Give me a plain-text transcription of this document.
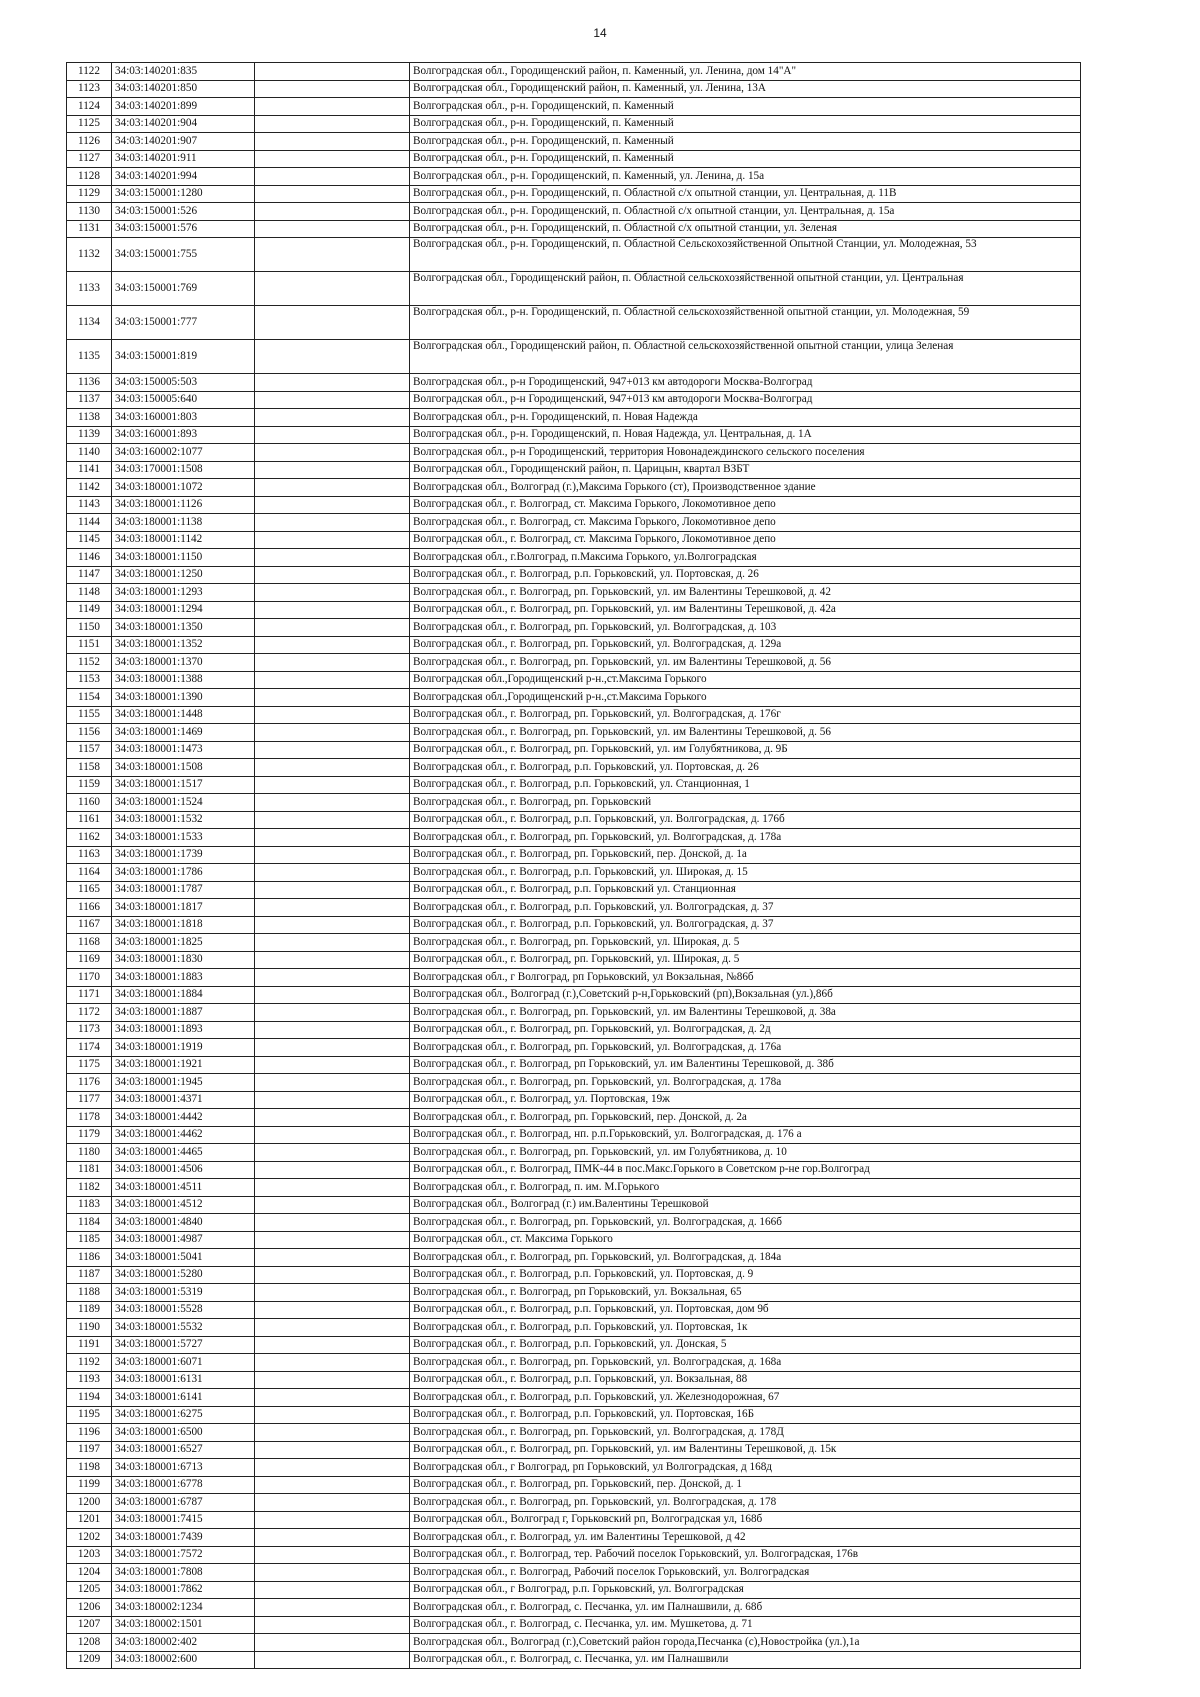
14
1122	34:03:140201:835		Волгоградская обл., Городищенский район, п. Каменный, ул. Ленина, дом 14"А"
1123	34:03:140201:850		Волгоградская обл., Городищенский район, п. Каменный, ул. Ленина, 13А
1124	34:03:140201:899		Волгоградская обл., р-н. Городищенский, п. Каменный
1125	34:03:140201:904		Волгоградская обл., р-н. Городищенский, п. Каменный
1126	34:03:140201:907		Волгоградская обл., р-н. Городищенский, п. Каменный
1127	34:03:140201:911		Волгоградская обл., р-н. Городищенский, п. Каменный
1128	34:03:140201:994		Волгоградская обл., р-н. Городищенский, п. Каменный, ул. Ленина, д. 15а
1129	34:03:150001:1280		Волгоградская обл., р-н. Городищенский, п. Областной с/х опытной станции, ул. Центральная, д. 11В
1130	34:03:150001:526		Волгоградская обл., р-н. Городищенский, п. Областной с/х опытной станции, ул. Центральная, д. 15а
1131	34:03:150001:576		Волгоградская обл., р-н. Городищенский, п. Областной с/х опытной станции, ул. Зеленая
1132	34:03:150001:755		Волгоградская обл., р-н. Городищенский, п. Областной Сельскохозяйственной Опытной Станции, ул. Молодежная, 53
1133	34:03:150001:769		Волгоградская обл., Городищенский район, п. Областной сельскохозяйственной опытной станции, ул. Центральная
1134	34:03:150001:777		Волгоградская обл., р-н. Городищенский, п. Областной сельскохозяйственной опытной станции, ул. Молодежная, 59
1135	34:03:150001:819		Волгоградская обл., Городищенский район, п. Областной сельскохозяйственной опытной станции, улица Зеленая
1136	34:03:150005:503		Волгоградская обл., р-н Городищенский, 947+013 км автодороги Москва-Волгоград
1137	34:03:150005:640		Волгоградская обл., р-н Городищенский, 947+013 км автодороги Москва-Волгоград
1138	34:03:160001:803		Волгоградская обл., р-н. Городищенский, п. Новая Надежда
1139	34:03:160001:893		Волгоградская обл., р-н. Городищенский, п. Новая Надежда, ул. Центральная, д. 1А
1140	34:03:160002:1077		Волгоградская обл., р-н Городищенский, территория Новонадеждинского сельского поселения
1141	34:03:170001:1508		Волгоградская обл., Городищенский район, п. Царицын, квартал ВЗБТ
1142	34:03:180001:1072		Волгоградская обл., Волгоград (г.),Максима Горького (ст), Производственное здание
1143	34:03:180001:1126		Волгоградская обл., г. Волгоград, ст. Максима Горького, Локомотивное депо
1144	34:03:180001:1138		Волгоградская обл., г. Волгоград, ст. Максима Горького, Локомотивное депо
1145	34:03:180001:1142		Волгоградская обл., г. Волгоград, ст. Максима Горького, Локомотивное депо
1146	34:03:180001:1150		Волгоградская обл., г.Волгоград, п.Максима Горького, ул.Волгоградская
1147	34:03:180001:1250		Волгоградская обл., г. Волгоград, р.п. Горьковский, ул. Портовская, д. 26
1148	34:03:180001:1293		Волгоградская обл., г. Волгоград, рп. Горьковский, ул. им Валентины Терешковой, д. 42
1149	34:03:180001:1294		Волгоградская обл., г. Волгоград, рп. Горьковский, ул. им Валентины Терешковой, д. 42а
1150	34:03:180001:1350		Волгоградская обл., г. Волгоград, рп. Горьковский, ул. Волгоградская, д. 103
1151	34:03:180001:1352		Волгоградская обл., г. Волгоград, рп. Горьковский, ул. Волгоградская, д. 129а
1152	34:03:180001:1370		Волгоградская обл., г. Волгоград, рп. Горьковский, ул. им Валентины Терешковой, д. 56
1153	34:03:180001:1388		Волгоградская обл.,Городищенский р-н.,ст.Максима Горького
1154	34:03:180001:1390		Волгоградская обл.,Городищенский р-н.,ст.Максима Горького
1155	34:03:180001:1448		Волгоградская обл., г. Волгоград, рп. Горьковский, ул. Волгоградская, д. 176г
1156	34:03:180001:1469		Волгоградская обл., г. Волгоград, рп. Горьковский, ул. им Валентины Терешковой, д. 56
1157	34:03:180001:1473		Волгоградская обл., г. Волгоград, рп. Горьковский, ул. им Голубятникова, д. 9Б
1158	34:03:180001:1508		Волгоградская обл., г. Волгоград, р.п. Горьковский, ул. Портовская, д. 26
1159	34:03:180001:1517		Волгоградская обл., г. Волгоград, р.п. Горьковский, ул. Станционная, 1
1160	34:03:180001:1524		Волгоградская обл., г. Волгоград, рп. Горьковский
1161	34:03:180001:1532		Волгоградская обл., г. Волгоград, р.п. Горьковский, ул. Волгоградская, д. 176б
1162	34:03:180001:1533		Волгоградская обл., г. Волгоград, рп. Горьковский, ул. Волгоградская, д. 178а
1163	34:03:180001:1739		Волгоградская обл., г. Волгоград, рп. Горьковский, пер. Донской, д. 1а
1164	34:03:180001:1786		Волгоградская обл., г. Волгоград, р.п. Горьковский, ул. Широкая, д. 15
1165	34:03:180001:1787		Волгоградская обл., г. Волгоград, р.п. Горьковский ул. Станционная
1166	34:03:180001:1817		Волгоградская обл., г. Волгоград, р.п. Горьковский, ул. Волгоградская, д. 37
1167	34:03:180001:1818		Волгоградская обл., г. Волгоград, р.п. Горьковский, ул. Волгоградская, д. 37
1168	34:03:180001:1825		Волгоградская обл., г. Волгоград, рп. Горьковский, ул. Широкая, д. 5
1169	34:03:180001:1830		Волгоградская обл., г. Волгоград, рп. Горьковский, ул. Широкая, д. 5
1170	34:03:180001:1883		Волгоградская обл., г Волгоград, рп Горьковский, ул Вокзальная, №86б
1171	34:03:180001:1884		Волгоградская обл., Волгоград (г.),Советский р-н,Горьковский (рп),Вокзальная (ул.),86б
1172	34:03:180001:1887		Волгоградская обл., г. Волгоград, рп. Горьковский, ул. им Валентины Терешковой, д. 38а
1173	34:03:180001:1893		Волгоградская обл., г. Волгоград, рп. Горьковский, ул. Волгоградская, д. 2д
1174	34:03:180001:1919		Волгоградская обл., г. Волгоград, рп. Горьковский, ул. Волгоградская, д. 176а
1175	34:03:180001:1921		Волгоградская обл., г. Волгоград, рп Горьковский, ул. им Валентины Терешковой, д. 38б
1176	34:03:180001:1945		Волгоградская обл., г. Волгоград, рп. Горьковский, ул. Волгоградская, д. 178а
1177	34:03:180001:4371		Волгоградская обл., г. Волгоград, ул. Портовская, 19ж
1178	34:03:180001:4442		Волгоградская обл., г. Волгоград, рп. Горьковский, пер. Донской, д. 2а
1179	34:03:180001:4462		Волгоградская обл., г. Волгоград, нп. р.п.Горьковский, ул. Волгоградская, д. 176 а
1180	34:03:180001:4465		Волгоградская обл., г. Волгоград, рп. Горьковский, ул. им Голубятникова, д. 10
1181	34:03:180001:4506		Волгоградская обл., г. Волгоград, ПМК-44 в пос.Макс.Горького в Советском р-не гор.Волгоград
1182	34:03:180001:4511		Волгоградская обл., г. Волгоград, п. им. М.Горького
1183	34:03:180001:4512		Волгоградская обл., Волгоград (г.) им.Валентины Терешковой
1184	34:03:180001:4840		Волгоградская обл., г. Волгоград, рп. Горьковский, ул. Волгоградская, д. 166б
1185	34:03:180001:4987		Волгоградская обл., ст. Максима Горького
1186	34:03:180001:5041		Волгоградская обл., г. Волгоград, рп. Горьковский, ул. Волгоградская, д. 184а
1187	34:03:180001:5280		Волгоградская обл., г. Волгоград, р.п. Горьковский, ул. Портовская, д. 9
1188	34:03:180001:5319		Волгоградская обл., г. Волгоград, рп Горьковский, ул. Вокзальная, 65
1189	34:03:180001:5528		Волгоградская обл., г. Волгоград, р.п. Горьковский, ул. Портовская, дом 9б
1190	34:03:180001:5532		Волгоградская обл., г. Волгоград, р.п. Горьковский, ул. Портовская, 1к
1191	34:03:180001:5727		Волгоградская обл., г. Волгоград, р.п. Горьковский, ул. Донская, 5
1192	34:03:180001:6071		Волгоградская обл., г. Волгоград, рп. Горьковский, ул. Волгоградская, д. 168а
1193	34:03:180001:6131		Волгоградская обл., г. Волгоград, р.п. Горьковский, ул. Вокзальная, 88
1194	34:03:180001:6141		Волгоградская обл., г. Волгоград, р.п. Горьковский, ул. Железнодорожная, 67
1195	34:03:180001:6275		Волгоградская обл., г. Волгоград, р.п. Горьковский, ул. Портовская, 16Б
1196	34:03:180001:6500		Волгоградская обл., г. Волгоград, рп. Горьковский, ул. Волгоградская, д. 178Д
1197	34:03:180001:6527		Волгоградская обл., г. Волгоград, рп. Горьковский, ул. им Валентины Терешковой, д. 15к
1198	34:03:180001:6713		Волгоградская обл., г Волгоград, рп Горьковский, ул Волгоградская, д 168д
1199	34:03:180001:6778		Волгоградская обл., г. Волгоград, рп. Горьковский, пер. Донской, д. 1
1200	34:03:180001:6787		Волгоградская обл., г. Волгоград, рп. Горьковский, ул. Волгоградская, д. 178
1201	34:03:180001:7415		Волгоградская обл., Волгоград г, Горьковский рп, Волгоградская ул, 168б
1202	34:03:180001:7439		Волгоградская обл., г. Волгоград, ул. им Валентины Терешковой, д 42
1203	34:03:180001:7572		Волгоградская обл., г. Волгоград, тер. Рабочий поселок Горьковский, ул. Волгоградская, 176в
1204	34:03:180001:7808		Волгоградская обл., г. Волгоград, Рабочий поселок Горьковский, ул. Волгоградская
1205	34:03:180001:7862		Волгоградская обл., г Волгоград, р.п. Горьковский, ул. Волгоградская
1206	34:03:180002:1234		Волгоградская обл., г. Волгоград, с. Песчанка, ул. им Палнашвили, д. 68б
1207	34:03:180002:1501		Волгоградская обл., г. Волгоград, с. Песчанка, ул. им. Мушкетова, д. 71
1208	34:03:180002:402		Волгоградская обл., Волгоград (г.),Советский район города,Песчанка (с),Новостройка (ул.),1а
1209	34:03:180002:600		Волгоградская обл., г. Волгоград, с. Песчанка, ул. им Палнашвили
